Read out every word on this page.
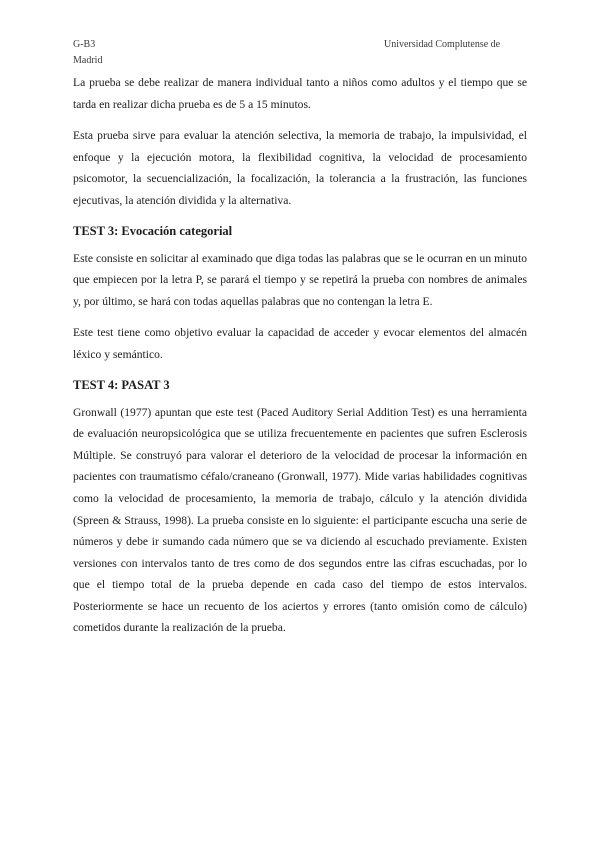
G-B3
Madrid
Universidad Complutense de

La prueba se debe realizar de manera individual tanto a niños como adultos y el tiempo que se tarda en realizar dicha prueba es de 5 a 15 minutos.

Esta prueba sirve para evaluar la atención selectiva, la memoria de trabajo, la impulsividad, el enfoque y la ejecución motora, la flexibilidad cognitiva, la velocidad de procesamiento psicomotor, la secuencialización, la focalización, la tolerancia a la frustración, las funciones ejecutivas, la atención dividida y la alternativa.

TEST 3: Evocación categorial

Este consiste en solicitar al examinado que diga todas las palabras que se le ocurran en un minuto que empiecen por la letra P, se parará el tiempo y se repetirá la prueba con nombres de animales y, por último, se hará con todas aquellas palabras que no contengan la letra E.

Este test tiene como objetivo evaluar la capacidad de acceder y evocar elementos del almacén léxico y semántico.

TEST 4: PASAT 3

Gronwall (1977) apuntan que este test (Paced Auditory Serial Addition Test) es una herramienta de evaluación neuropsicológica que se utiliza frecuentemente en pacientes que sufren Esclerosis Múltiple. Se construyó para valorar el deterioro de la velocidad de procesar la información en pacientes con traumatismo céfalo/craneano (Gronwall, 1977). Mide varias habilidades cognitivas como la velocidad de procesamiento, la memoria de trabajo, cálculo y la atención dividida (Spreen & Strauss, 1998). La prueba consiste en lo siguiente: el participante escucha una serie de números y debe ir sumando cada número que se va diciendo al escuchado previamente. Existen versiones con intervalos tanto de tres como de dos segundos entre las cifras escuchadas, por lo que el tiempo total de la prueba depende en cada caso del tiempo de estos intervalos. Posteriormente se hace un recuento de los aciertos y errores (tanto omisión como de cálculo) cometidos durante la realización de la prueba.
